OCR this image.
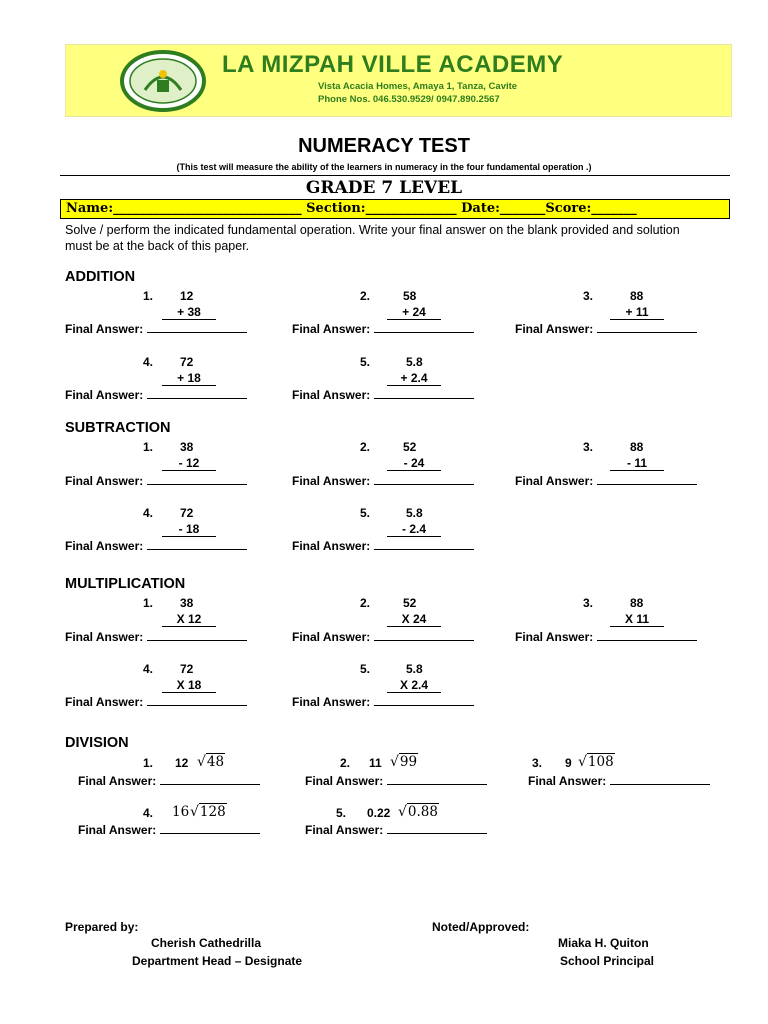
LA MIZPAH VILLE ACADEMY
Vista Acacia Homes, Amaya 1, Tanza, Cavite
Phone Nos. 046.530.9529/ 0947.890.2567
NUMERACY TEST
(This test will measure the ability of the learners in numeracy in the four fundamental operation .)
GRADE 7 LEVEL
Name:_____________________________ Section:______________ Date:_______Score:_______
Solve / perform the indicated fundamental operation. Write your final answer on the blank provided and solution must be at the back of this paper.
ADDITION
1. 12
+ 38
Final Answer:
2.	58
+ 24
Final Answer:
3.	88
+ 11
Final Answer:
4. 72
+ 18
Final Answer:
5.	5.8
+ 2.4
Final Answer:
SUBTRACTION
1. 38
- 12
Final Answer:
2.	52
- 24
Final Answer:
3.	88
- 11
Final Answer:
4. 72
- 18
Final Answer:
5.	5.8
- 2.4
Final Answer:
MULTIPLICATION
1. 38
X 12
Final Answer:
2.	52
X 24
Final Answer:
3.	88
X 11
Final Answer:
4. 72
X 18
Final Answer:
5.	5.8
X 2.4
Final Answer:
DIVISION
1. 12 √48
Final Answer:
2. 11 √99
Final Answer:
3. 9 √108
Final Answer:
4. 16 √128
Final Answer:
5. 0.22 √0.88
Final Answer:
Prepared by:
Cherish Cathedrilla
Department Head – Designate
Noted/Approved:
Miaka H. Quiton
School Principal
